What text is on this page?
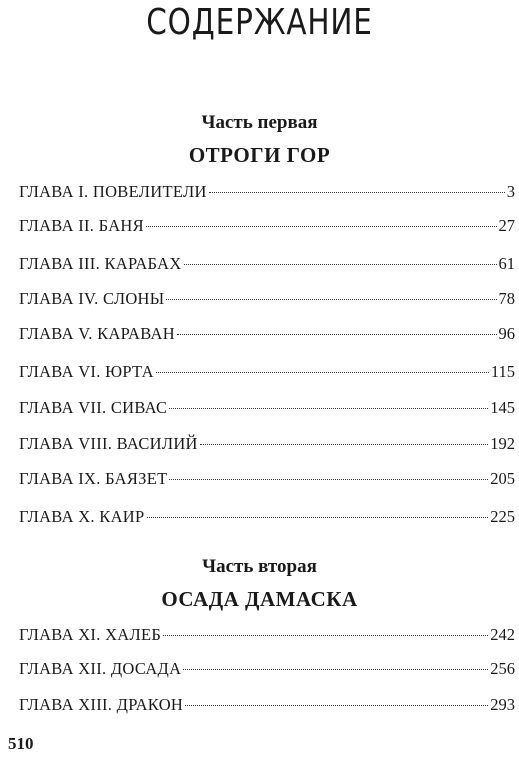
СОДЕРЖАНИЕ
Часть первая
ОТРОГИ ГОР
ГЛАВА I. ПОВЕЛИТЕЛИ	3
ГЛАВА II. БАНЯ	27
ГЛАВА III. КАРАБАХ	61
ГЛАВА IV. СЛОНЫ	78
ГЛАВА V. КАРАВАН	96
ГЛАВА VI. ЮРТА	115
ГЛАВА VII. СИВАС	145
ГЛАВА VIII. ВАСИЛИЙ	192
ГЛАВА IX. БАЯЗЕТ	205
ГЛАВА X. КАИР	225
Часть вторая
ОСАДА ДАМАСКА
ГЛАВА XI. ХАЛЕБ	242
ГЛАВА XII. ДОСАДА	256
ГЛАВА XIII. ДРАКОН	293
510
